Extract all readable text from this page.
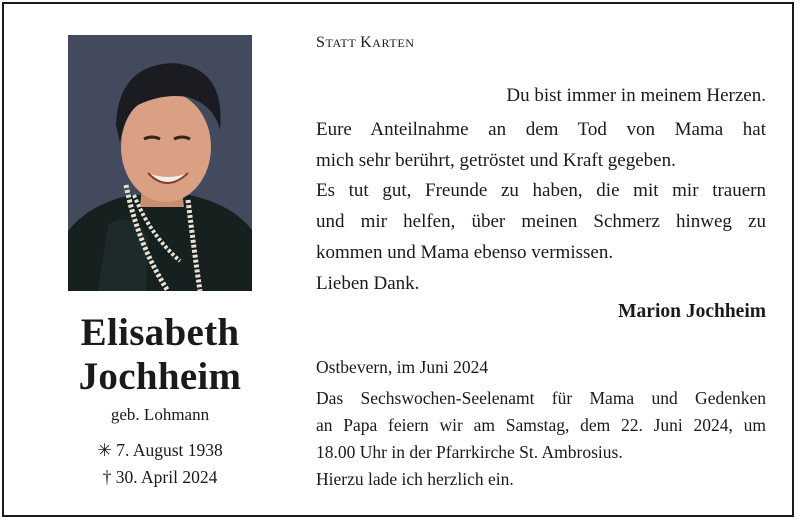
Elisabeth
Jochheim
geb. Lohmann
✳ 7. August 1938
† 30. April 2024
STATT KARTEN
Du bist immer in meinem Herzen.
Eure Anteilnahme an dem Tod von Mama hat
mich sehr berührt, getröstet und Kraft gegeben.
Es tut gut, Freunde zu haben, die mit mir trauern
und mir helfen, über meinen Schmerz hinweg zu
kommen und Mama ebenso vermissen.
Lieben Dank.
Marion Jochheim
Ostbevern, im Juni 2024
Das Sechswochen-Seelenamt für Mama und Gedenken
an Papa feiern wir am Samstag, dem 22. Juni 2024, um
18.00 Uhr in der Pfarrkirche St. Ambrosius.
Hierzu lade ich herzlich ein.
